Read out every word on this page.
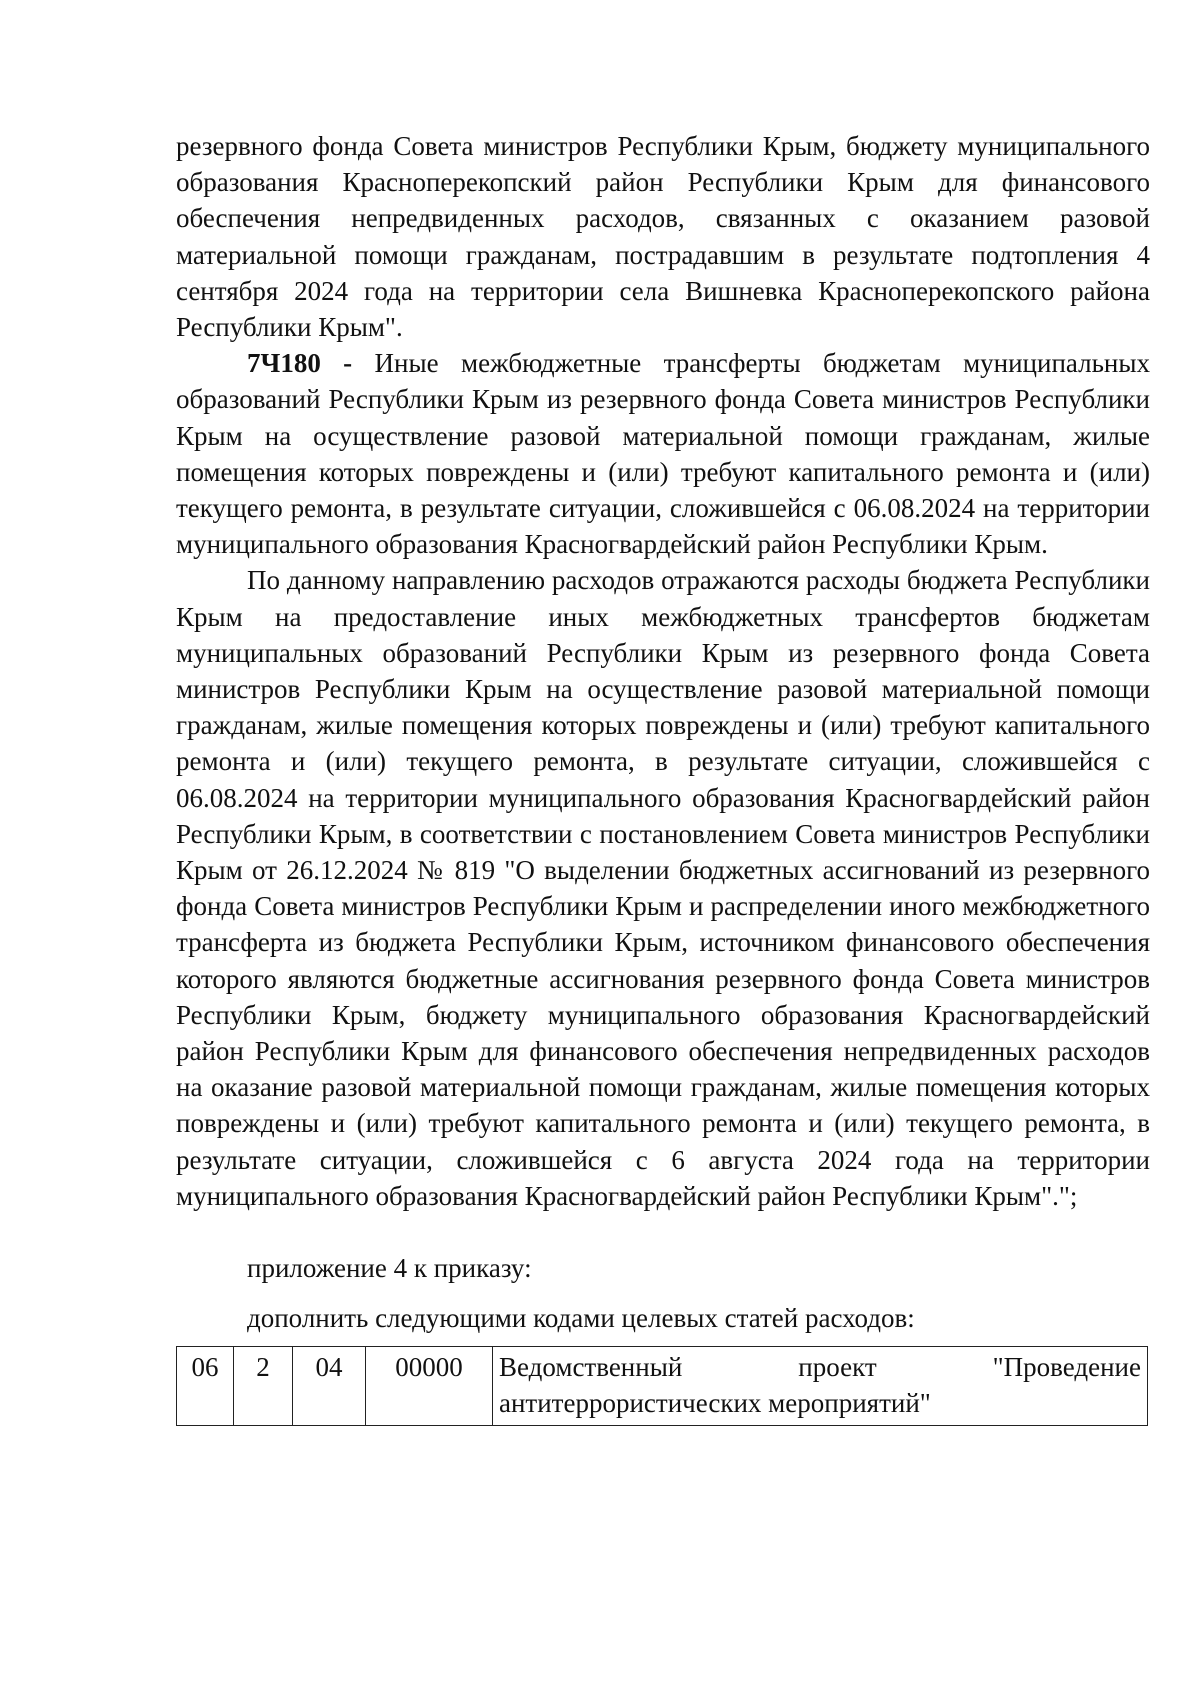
резервного фонда Совета министров Республики Крым, бюджету муниципального образования Красноперекопский район Республики Крым для финансового обеспечения непредвиденных расходов, связанных с оказанием разовой материальной помощи гражданам, пострадавшим в результате подтопления 4 сентября 2024 года на территории села Вишневка Красноперекопского района Республики Крым".

7Ч180 - Иные межбюджетные трансферты бюджетам муниципальных образований Республики Крым из резервного фонда Совета министров Республики Крым на осуществление разовой материальной помощи гражданам, жилые помещения которых повреждены и (или) требуют капитального ремонта и (или) текущего ремонта, в результате ситуации, сложившейся с 06.08.2024 на территории муниципального образования Красногвардейский район Республики Крым.

По данному направлению расходов отражаются расходы бюджета Республики Крым на предоставление иных межбюджетных трансфертов бюджетам муниципальных образований Республики Крым из резервного фонда Совета министров Республики Крым на осуществление разовой материальной помощи гражданам, жилые помещения которых повреждены и (или) требуют капитального ремонта и (или) текущего ремонта, в результате ситуации, сложившейся с 06.08.2024 на территории муниципального образования Красногвардейский район Республики Крым, в соответствии с постановлением Совета министров Республики Крым от 26.12.2024 № 819 "О выделении бюджетных ассигнований из резервного фонда Совета министров Республики Крым и распределении иного межбюджетного трансферта из бюджета Республики Крым, источником финансового обеспечения которого являются бюджетные ассигнования резервного фонда Совета министров Республики Крым, бюджету муниципального образования Красногвардейский район Республики Крым для финансового обеспечения непредвиденных расходов на оказание разовой материальной помощи гражданам, жилые помещения которых повреждены и (или) требуют капитального ремонта и (или) текущего ремонта, в результате ситуации, сложившейся с 6 августа 2024 года на территории муниципального образования Красногвардейский район Республики Крым".";

приложение 4 к приказу:

дополнить следующими кодами целевых статей расходов:

06	2	04	00000	Ведомственный проект "Проведение
антитеррористических мероприятий"
